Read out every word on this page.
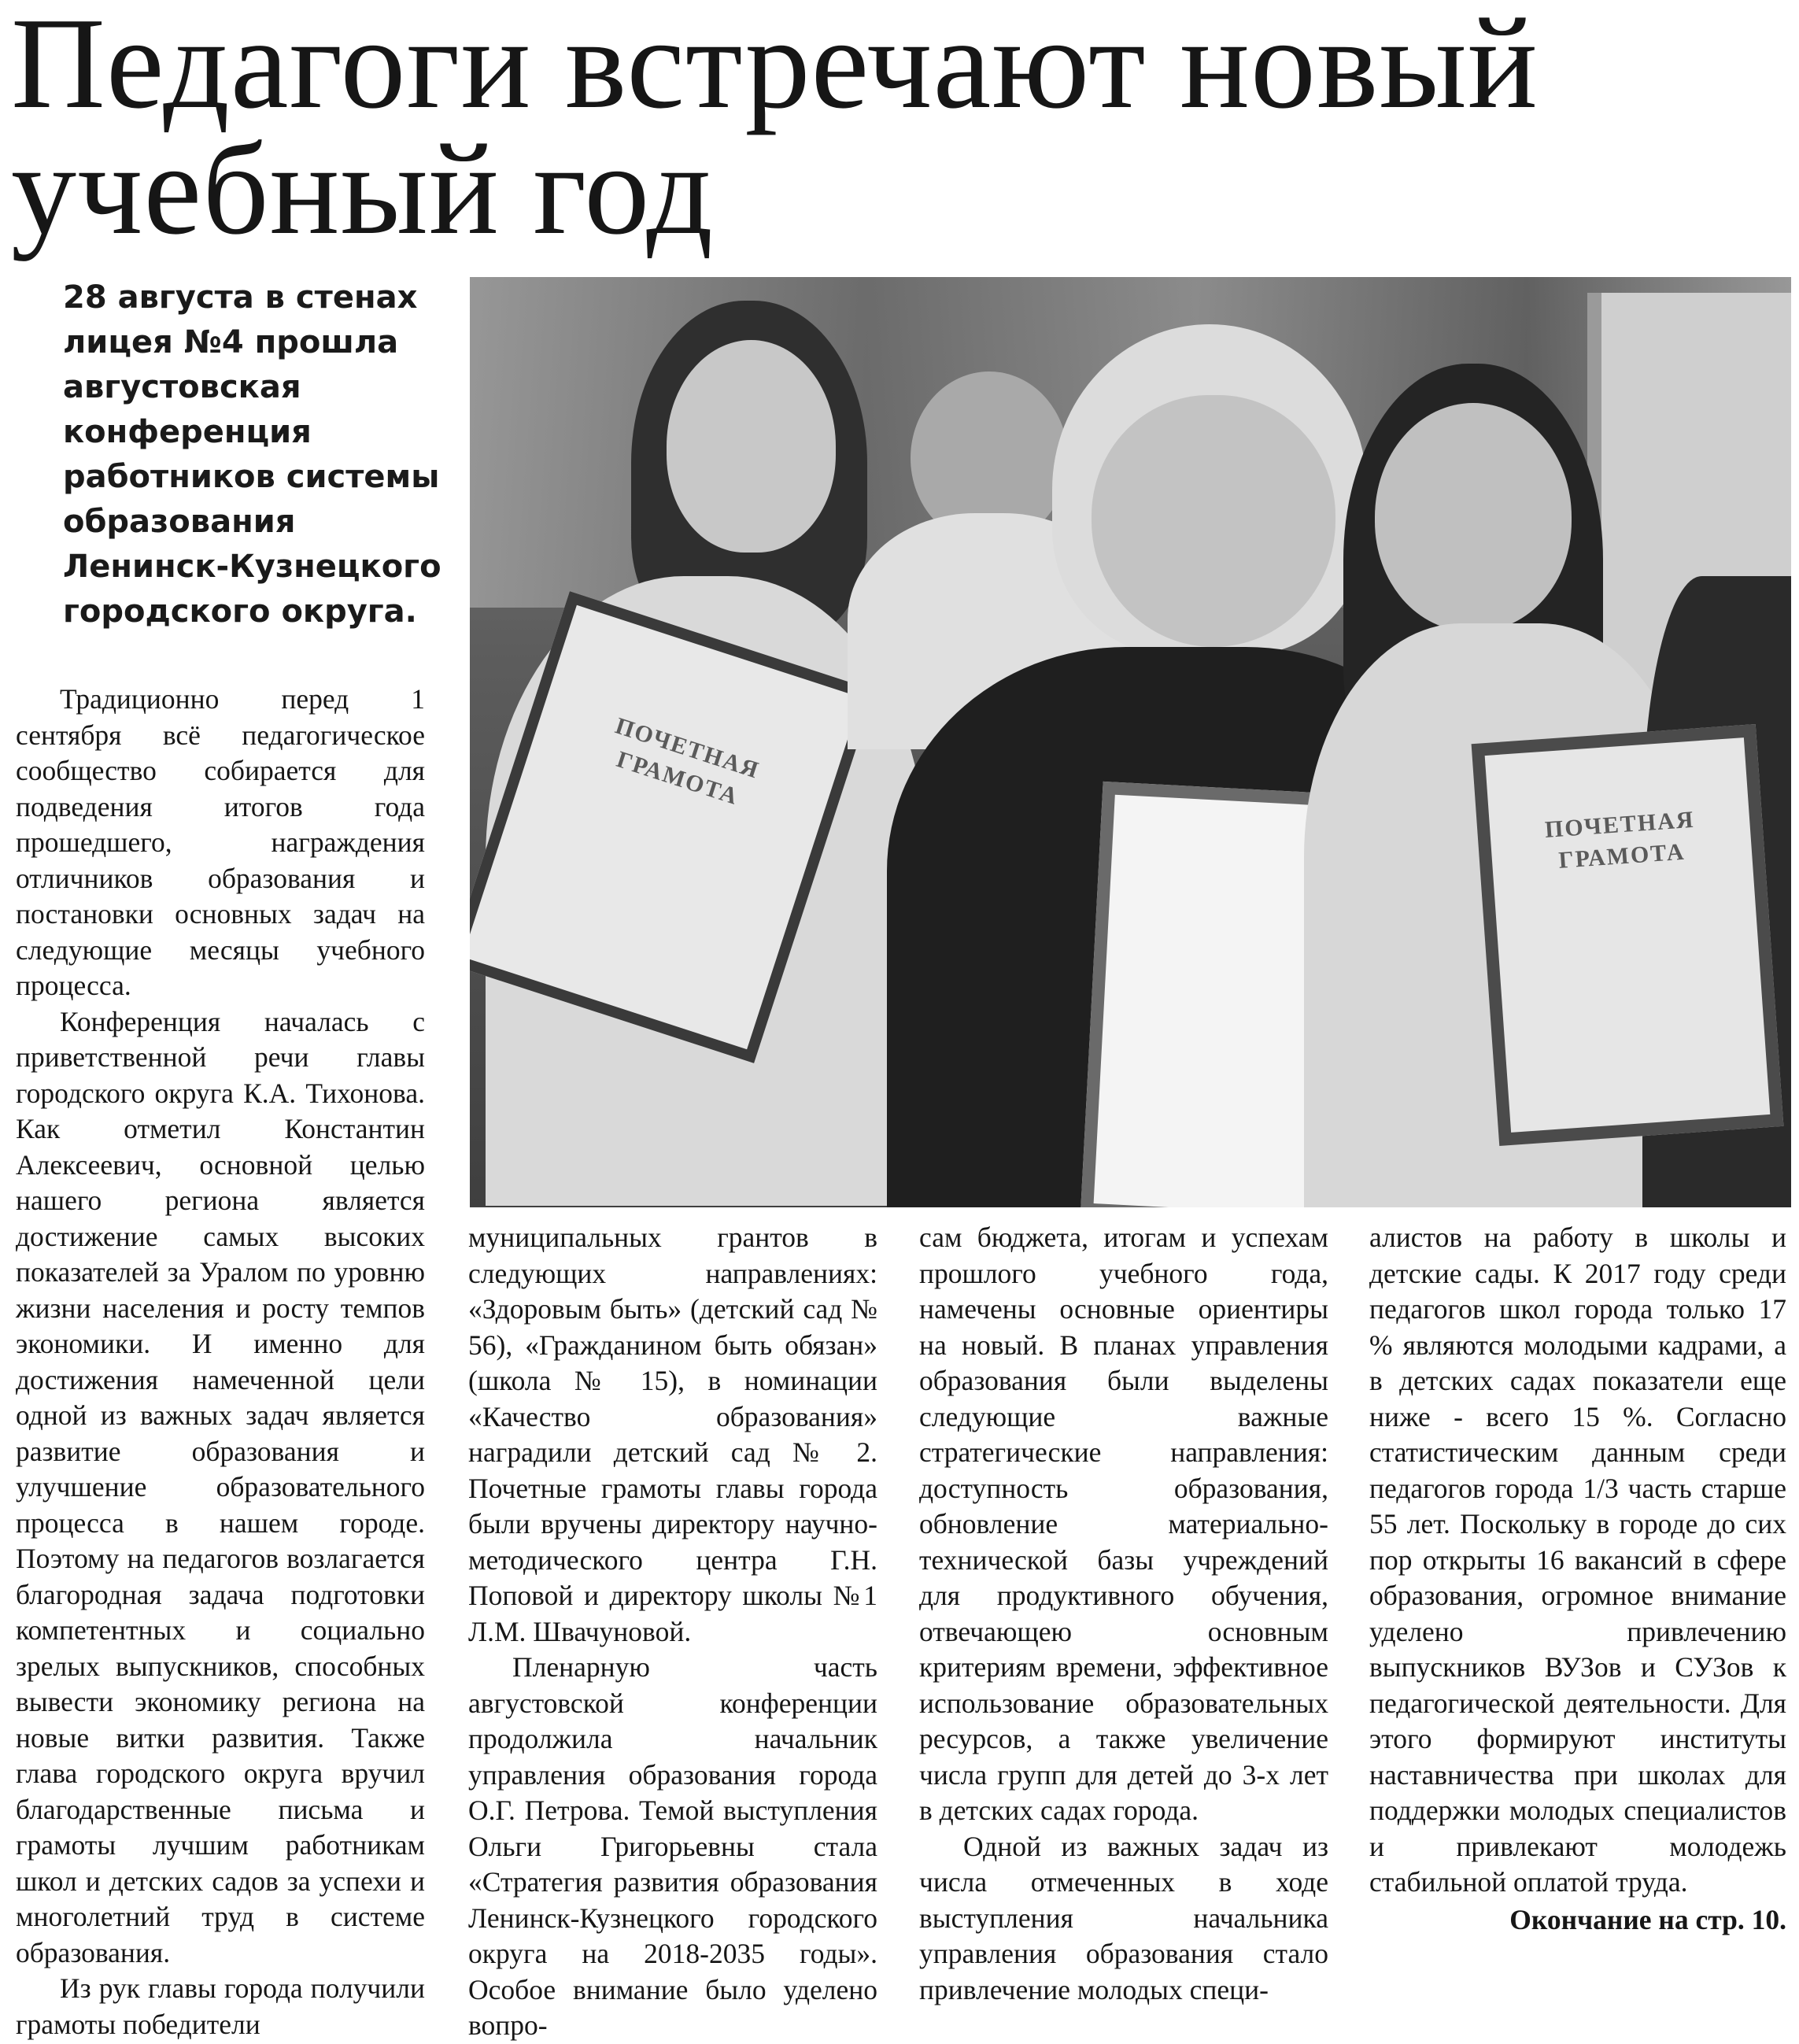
Педагоги встречают новый учебный год

28 августа в стенах лицея №4 прошла августовская конференция работников системы образования Ленинск-Кузнецкого городского округа.

ПОЧЕТНАЯ ГРАМОТА
ПОЧЕТНАЯ ГРАМОТА

Традиционно перед 1 сентября всё педагогическое сообщество собирается для подведения итогов года прошедшего, награждения отличников образования и постановки основных задач на следующие месяцы учебного процесса.

Конференция началась с приветственной речи главы городского округа К.А. Тихонова. Как отметил Константин Алексеевич, основной целью нашего региона является достижение самых высоких показателей за Уралом по уровню жизни населения и росту темпов экономики. И именно для достижения намеченной цели одной из важных задач является развитие образования и улучшение образовательного процесса в нашем городе. Поэтому на педагогов возлагается благородная задача подготовки компетентных и социально зрелых выпускников, способных вывести экономику региона на новые витки развития. Также глава городского округа вручил благодарственные письма и грамоты лучшим работникам школ и детских садов за успехи и многолетний труд в системе образования.

Из рук главы города получили грамоты победители

муниципальных грантов в следующих направлениях: «Здоровым быть» (детский сад № 56), «Гражданином быть обязан» (школа № 15), в номинации «Качество образования» наградили детский сад № 2. Почетные грамоты главы города были вручены директору научно-методического центра Г.Н. Поповой и директору школы №1 Л.М. Швачуновой.

Пленарную часть августовской конференции продолжила начальник управления образования города О.Г. Петрова. Темой выступления Ольги Григорьевны стала «Стратегия развития образования Ленинск-Кузнецкого городского округа на 2018-2035 годы». Особое внимание было уделено вопро-

сам бюджета, итогам и успехам прошлого учебного года, намечены основные ориентиры на новый. В планах управления образования были выделены следующие важные стратегические направления: доступность образования, обновление материально-технической базы учреждений для продуктивного обучения, отвечающею основным критериям времени, эффективное использование образовательных ресурсов, а также увеличение числа групп для детей до 3-х лет в детских садах города.

Одной из важных задач из числа отмеченных в ходе выступления начальника управления образования стало привлечение молодых специ-

алистов на работу в школы и детские сады. К 2017 году среди педагогов школ города только 17 % являются молодыми кадрами, а в детских садах показатели еще ниже - всего 15 %. Согласно статистическим данным среди педагогов города 1/3 часть старше 55 лет. Поскольку в городе до сих пор открыты 16 вакансий в сфере образования, огромное внимание уделено привлечению выпускников ВУЗов и СУЗов к педагогической деятельности. Для этого формируют институты наставничества при школах для поддержки молодых специалистов и привлекают молодежь стабильной оплатой труда.

Окончание на стр. 10.
